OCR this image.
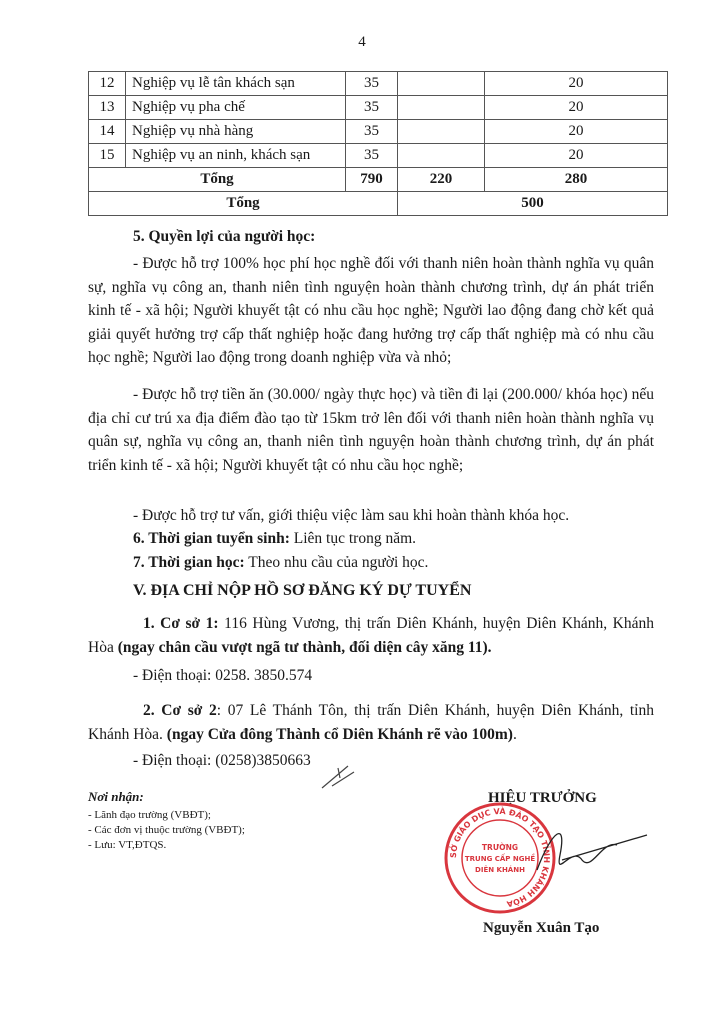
4
12	Nghiệp vụ lễ tân khách sạn	35		20
13	Nghiệp vụ pha chế	35		20
14	Nghiệp vụ nhà hàng	35		20
15	Nghiệp vụ an ninh, khách sạn	35		20
Tổng		790	220	280
Tổng			500	
5. Quyền lợi của người học:
- Được hỗ trợ 100% học phí học nghề đối với thanh niên hoàn thành nghĩa vụ quân sự, nghĩa vụ công an, thanh niên tình nguyện hoàn thành chương trình, dự án phát triển kinh tế - xã hội; Người khuyết tật có nhu cầu học nghề; Người lao động đang chờ kết quả giải quyết hưởng trợ cấp thất nghiệp hoặc đang hưởng trợ cấp thất nghiệp mà có nhu cầu học nghề; Người lao động trong doanh nghiệp vừa và nhỏ;
- Được hỗ trợ tiền ăn (30.000/ ngày thực học) và tiền đi lại (200.000/ khóa học) nếu địa chỉ cư trú xa địa điểm đào tạo từ 15km trở lên đối với thanh niên hoàn thành nghĩa vụ quân sự, nghĩa vụ công an, thanh niên tình nguyện hoàn thành chương trình, dự án phát triển kinh tế - xã hội; Người khuyết tật có nhu cầu học nghề;
- Được hỗ trợ tư vấn, giới thiệu việc làm sau khi hoàn thành khóa học.
6. Thời gian tuyển sinh: Liên tục trong năm.
7. Thời gian học: Theo nhu cầu của người học.
V. ĐỊA CHỈ NỘP HỒ SƠ ĐĂNG KÝ DỰ TUYỂN
1. Cơ sở 1: 116 Hùng Vương, thị trấn Diên Khánh, huyện Diên Khánh, Khánh Hòa (ngay chân cầu vượt ngã tư thành, đối diện cây xăng 11).
- Điện thoại: 0258. 3850.574
2. Cơ sở 2: 07 Lê Thánh Tôn, thị trấn Diên Khánh, huyện Diên Khánh, tỉnh Khánh Hòa. (ngay Cửa đông Thành cổ Diên Khánh rẽ vào 100m).
- Điện thoại: (0258)3850663
Nơi nhận:
- Lãnh đạo trường (VBĐT);
- Các đơn vị thuộc trường (VBĐT);
- Lưu: VT,ĐTQS.
HIỆU TRƯỞNG
SỞ GIÁO DỤC VÀ ĐÀO TẠO TỈNH KHÁNH HÒA
TRƯỜNG
TRUNG CẤP NGHỀ
DIÊN KHÁNH
Nguyễn Xuân Tạo
